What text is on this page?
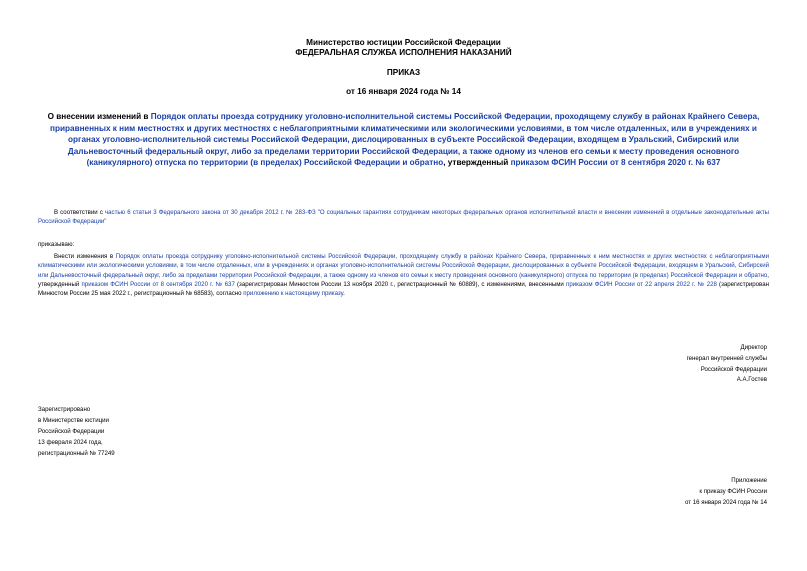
Министерство юстиции Российской Федерации
ФЕДЕРАЛЬНАЯ СЛУЖБА ИСПОЛНЕНИЯ НАКАЗАНИЙ
ПРИКАЗ
от 16 января 2024 года № 14
О внесении изменений в Порядок оплаты проезда сотруднику уголовно-исполнительной системы Российской Федерации, проходящему службу в районах Крайнего Севера, приравненных к ним местностях и других местностях с неблагоприятными климатическими или экологическими условиями, в том числе отдаленных, или в учреждениях и органах уголовно-исполнительной системы Российской Федерации, дислоцированных в субъекте Российской Федерации, входящем в Уральский, Сибирский или Дальневосточный федеральный округ, либо за пределами территории Российской Федерации, а также одному из членов его семьи к месту проведения основного (каникулярного) отпуска по территории (в пределах) Российской Федерации и обратно, утвержденный приказом ФСИН России от 8 сентября 2020 г. № 637
В соответствии с частью 6 статьи 3 Федерального закона от 30 декабря 2012 г. № 283-ФЗ "О социальных гарантиях сотрудникам некоторых федеральных органов исполнительной власти и внесении изменений в отдельные законодательные акты Российской Федерации"
приказываю:
Внести изменения в Порядок оплаты проезда сотруднику уголовно-исполнительной системы Российской Федерации, проходящему службу в районах Крайнего Севера, приравненных к ним местностях и других местностях с неблагоприятными климатическими или экологическими условиями, в том числе отдаленных, или в учреждениях и органах уголовно-исполнительной системы Российской Федерации, дислоцированных в субъекте Российской Федерации, входящем в Уральский, Сибирский или Дальневосточный федеральный округ, либо за пределами территории Российской Федерации, а также одному из членов его семьи к месту проведения основного (каникулярного) отпуска по территории (в пределах) Российской Федерации и обратно, утвержденный приказом ФСИН России от 8 сентября 2020 г. № 637 (зарегистрирован Минюстом России 13 ноября 2020 г., регистрационный № 60889), с изменениями, внесенными приказом ФСИН России от 22 апреля 2022 г. № 228 (зарегистрирован Минюстом России 25 мая 2022 г., регистрационный № 68583), согласно приложению к настоящему приказу.
Директор
генерал внутренней службы
Российской Федерации
А.А.Гостев
Зарегистрировано
в Министерстве юстиции
Российской Федерации
13 февраля 2024 года,
регистрационный № 77249
Приложение
к приказу ФСИН России
от 16 января 2024 года № 14
